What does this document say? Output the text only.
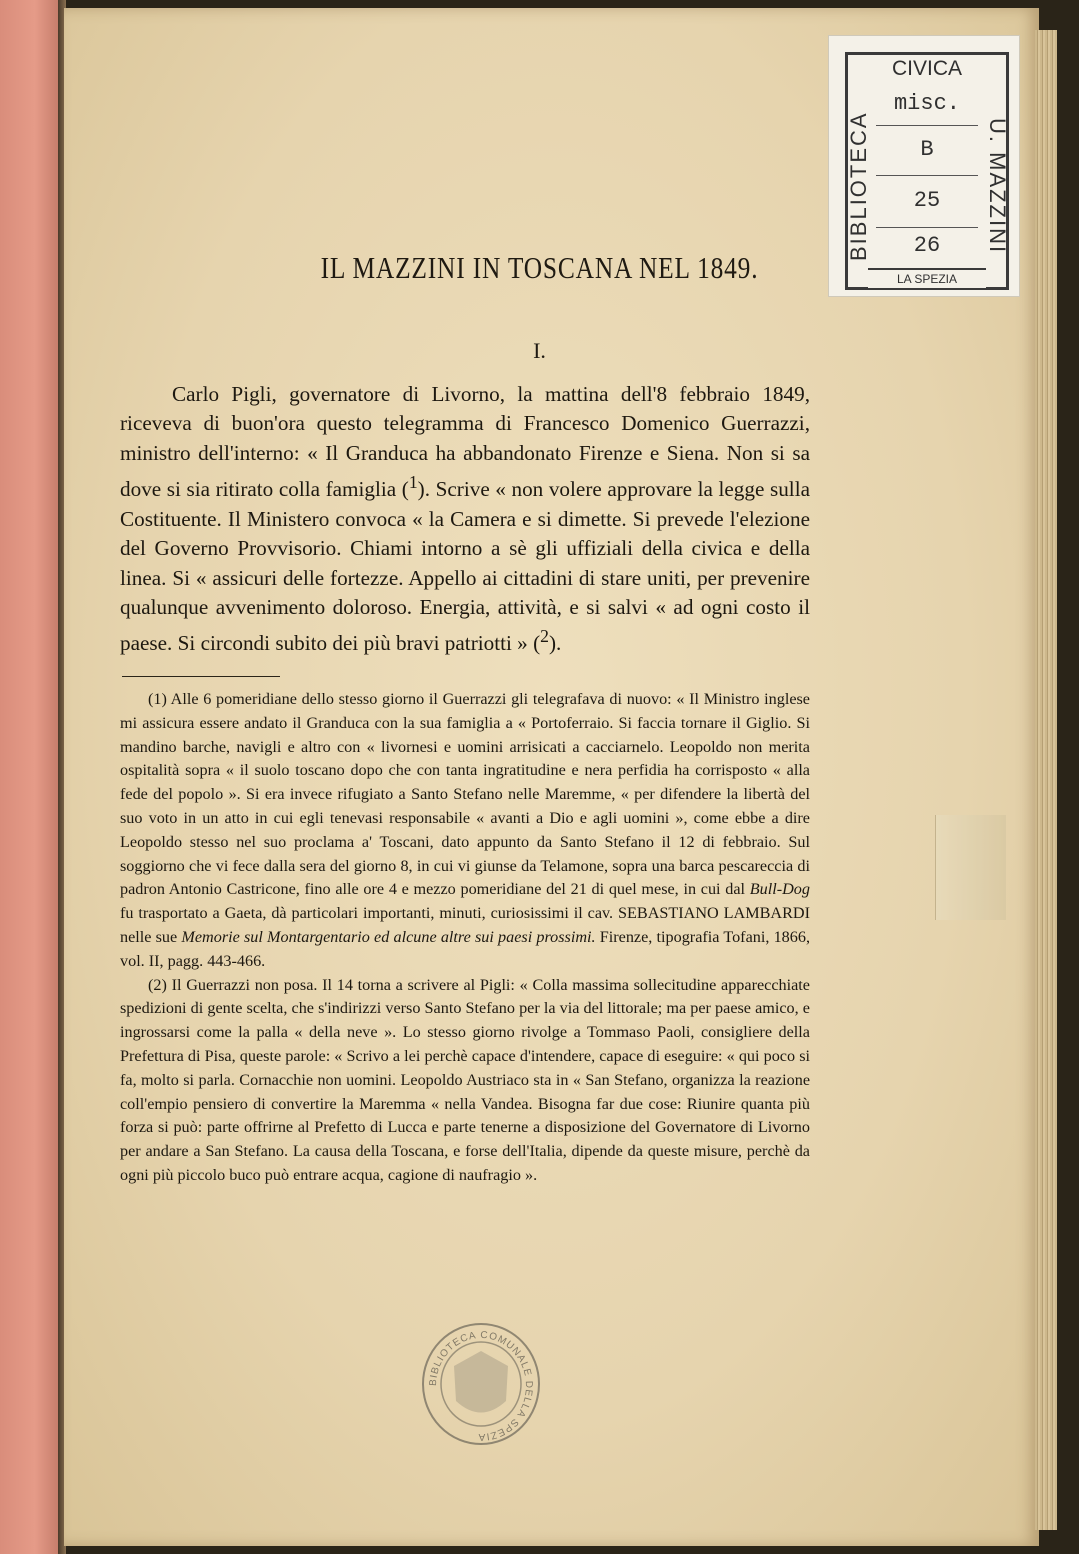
CIVICA
BIBLIOTECA	U. MAZZINI
misc.
B
25
26
LA SPEZIA
IL MAZZINI IN TOSCANA NEL 1849.
I.

Carlo Pigli, governatore di Livorno, la mattina dell'8 febbraio 1849, riceveva di buon'ora questo telegramma di Francesco Domenico Guerrazzi, ministro dell'interno: « Il Granduca ha abbandonato Firenze e Siena. Non si sa dove si sia ritirato colla famiglia ($^1$). Scrive « non volere approvare la legge sulla Costituente. Il Ministero convoca « la Camera e si dimette. Si prevede l'elezione del Governo Provvisorio. Chiami intorno a sè gli uffiziali della civica e della linea. Si « assicuri delle fortezze. Appello ai cittadini di stare uniti, per prevenire qualunque avvenimento doloroso. Energia, attività, e si salvi « ad ogni costo il paese. Si circondi subito dei più bravi patriotti » ($^2$).

(1) Alle 6 pomeridiane dello stesso giorno il Guerrazzi gli telegrafava di nuovo: « Il Ministro inglese mi assicura essere andato il Granduca con la sua famiglia a « Portoferraio. Si faccia tornare il Giglio. Si mandino barche, navigli e altro con « livornesi e uomini arrisicati a cacciarnelo. Leopoldo non merita ospitalità sopra « il suolo toscano dopo che con tanta ingratitudine e nera perfidia ha corrisposto « alla fede del popolo ». Si era invece rifugiato a Santo Stefano nelle Maremme, « per difendere la libertà del suo voto in un atto in cui egli tenevasi responsabile « avanti a Dio e agli uomini », come ebbe a dire Leopoldo stesso nel suo proclama a' Toscani, dato appunto da Santo Stefano il 12 di febbraio. Sul soggiorno che vi fece dalla sera del giorno 8, in cui vi giunse da Telamone, sopra una barca pescareccia di padron Antonio Castricone, fino alle ore 4 e mezzo pomeridiane del 21 di quel mese, in cui dal Bull-Dog fu trasportato a Gaeta, dà particolari importanti, minuti, curiosissimi il cav. SEBASTIANO LAMBARDI nelle sue Memorie sul Montargentario ed alcune altre sui paesi prossimi. Firenze, tipografia Tofani, 1866, vol. II, pagg. 443-466.

(2) Il Guerrazzi non posa. Il 14 torna a scrivere al Pigli: « Colla massima sollecitudine apparecchiate spedizioni di gente scelta, che s'indirizzi verso Santo Stefano per la via del littorale; ma per paese amico, e ingrossarsi come la palla « della neve ». Lo stesso giorno rivolge a Tommaso Paoli, consigliere della Prefettura di Pisa, queste parole: « Scrivo a lei perchè capace d'intendere, capace di eseguire: « qui poco si fa, molto si parla. Cornacchie non uomini. Leopoldo Austriaco sta in « San Stefano, organizza la reazione coll'empio pensiero di convertire la Maremma « nella Vandea. Bisogna far due cose: Riunire quanta più forza si può: parte offrirne al Prefetto di Lucca e parte tenerne a disposizione del Governatore di Livorno per andare a San Stefano. La causa della Toscana, e forse dell'Italia, dipende da queste misure, perchè da ogni più piccolo buco può entrare acqua, cagione di naufragio ».

BIBLIOTECA COMUNALE DELLA SPEZIA
